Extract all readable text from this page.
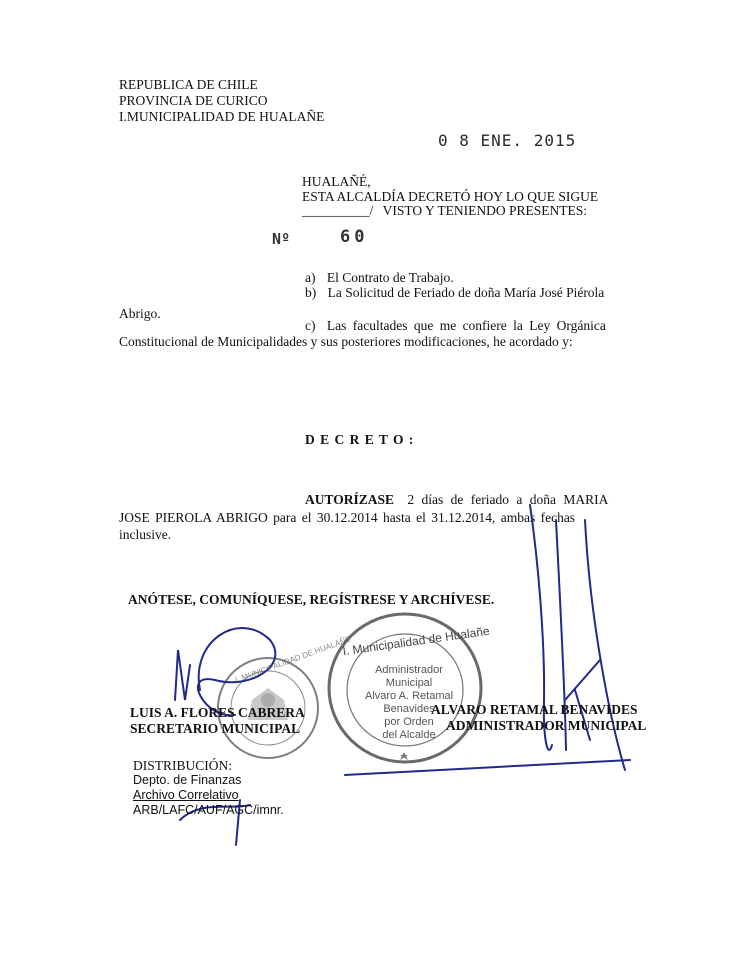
REPUBLICA DE CHILE
PROVINCIA DE CURICO
I.MUNICIPALIDAD DE HUALAÑE
0 8 ENE. 2015
HUALAÑÉ,
ESTA ALCALDÍA DECRETÓ HOY LO QUE SIGUE
__________/ VISTO Y TENIENDO PRESENTES:
Nº	60
a) El Contrato de Trabajo.
b) La Solicitud de Feriado de doña María José Piérola
Abrigo.
c) Las facultades que me confiere la Ley Orgánica
Constitucional de Municipalidades y sus posteriores modificaciones, he acordado y:
D E C R E T O :
AUTORÍZASE 2 días de feriado a doña MARIA
JOSE PIEROLA ABRIGO para el 30.12.2014 hasta el 31.12.2014, ambas fechas
inclusive.
ANÓTESE, COMUNÍQUESE, REGÍSTRESE Y ARCHÍVESE.
I. Municipalidad de Hualañe
Administrador
Municipal
Alvaro A. Retamal
Benavides
por Orden
del Alcalde
I. MUNICIPALIDAD DE HUALAÑE
LUIS A. FLORES CABRERA
SECRETARIO MUNICIPAL
ALVARO RETAMAL BENAVIDES
ADMINISTRADOR MUNICIPAL
DISTRIBUCIÓN:
Depto. de Finanzas
Archivo Correlativo
ARB/LAFC/AUF/AGC/imnr.
